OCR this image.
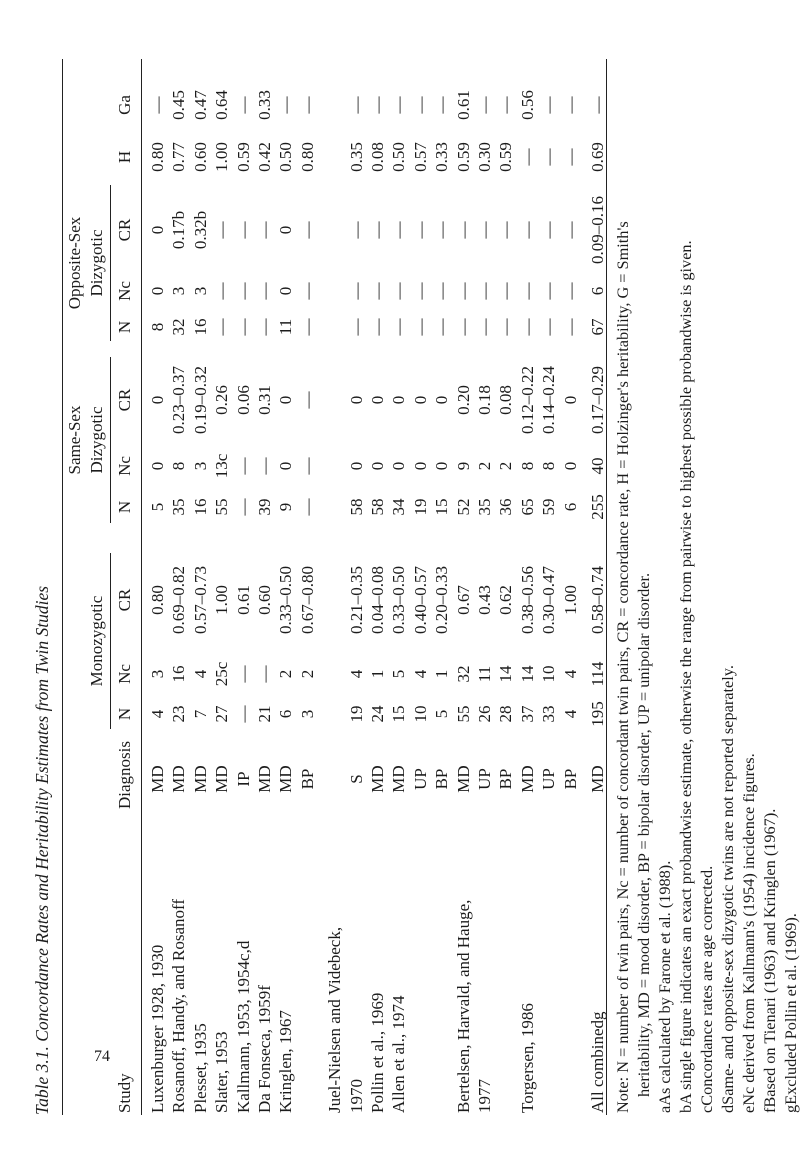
74
Table 3.1. Concordance Rates and Heritability Estimates from Twin Studies Monozygotic
Same-Sex
Dizygotic
Opposite-Sex
Dizygotic
Study
Diagnosis
N
Nc
CR
N
Nc
CR
N
Nc
CR
H
Ga
Luxenburger 1928, 1930
MD
4
3
0.80
5
0
0
8
0
0
0.80
—
Rosanoff, Handy, and Rosanoff
MD
23
16
0.69–0.82
35
8
0.23–0.37
32
3
0.17b
0.77
0.45
Plesset, 1935
MD
7
4
0.57–0.73
16
3
0.19–0.32
16
3
0.32b
0.60
0.47
Slater, 1953
MD
27
25c
1.00
55
13c
0.26
—
—
—
1.00
0.64
Kallmann, 1953, 1954c,d
IP
—
—
0.61
—
—
0.06
—
—
—
0.59
—
Da Fonseca, 1959f
MD
21
—
0.60
39
—
0.31
—
—
—
0.42
0.33
Kringlen, 1967
MD
6
2
0.33–0.50
9
0
0
11
0
0
0.50
—
BP
3
2
0.67–0.80
—
—
—
—
—
—
0.80
—
Juel-Nielsen and Videbeck, 1970
S
19
4
0.21–0.35
58
0
0
—
—
—
0.35
—
Pollin et al., 1969
MD
24
1
0.04–0.08
58
0
0
—
—
—
0.08
—
Allen et al., 1974
MD
15
5
0.33–0.50
34
0
0
—
—
—
0.50
—
UP
10
4
0.40–0.57
19
0
0
—
—
—
0.57
—
BP
5
1
0.20–0.33
15
0
0
—
—
—
0.33
—
Bertelsen, Harvald, and Hauge,
MD
55
32
0.67
52
9
0.20
—
—
—
0.59
0.61
1977
UP
26
11
0.43
35
2
0.18
—
—
—
0.30
—
BP
28
14
0.62
36
2
0.08
—
—
—
0.59
—
Torgersen, 1986
MD
37
14
0.38–0.56
65
8
0.12–0.22
—
—
—
—
0.56
UP
33
10
0.30–0.47
59
8
0.14–0.24
—
—
—
—
—
BP
4
4
1.00
6
0
0
—
—
—
—
—
All combinedg
MD
195
114
0.58–0.74
255
40
0.17–0.29
67
6
0.09–0.16
0.69
—

Note: N = number of twin pairs, Nc = number of concordant twin pairs, CR = concordance rate, H = Holzinger's heritability, G = Smith's heritability, MD = mood disorder, BP = bipolar disorder, UP = unipolar disorder. aAs calculated by Farone et al. (1988). bA single figure indicates an exact probandwise estimate, otherwise the range from pairwise to highest possible probandwise is given. cConcordance rates are age corrected. dSame- and opposite-sex dizygotic twins are not reported separately. eNc derived from Kallmann's (1954) incidence figures. fBased on Tienari (1963) and Kringlen (1967). gExcluded Pollin et al. (1969).
